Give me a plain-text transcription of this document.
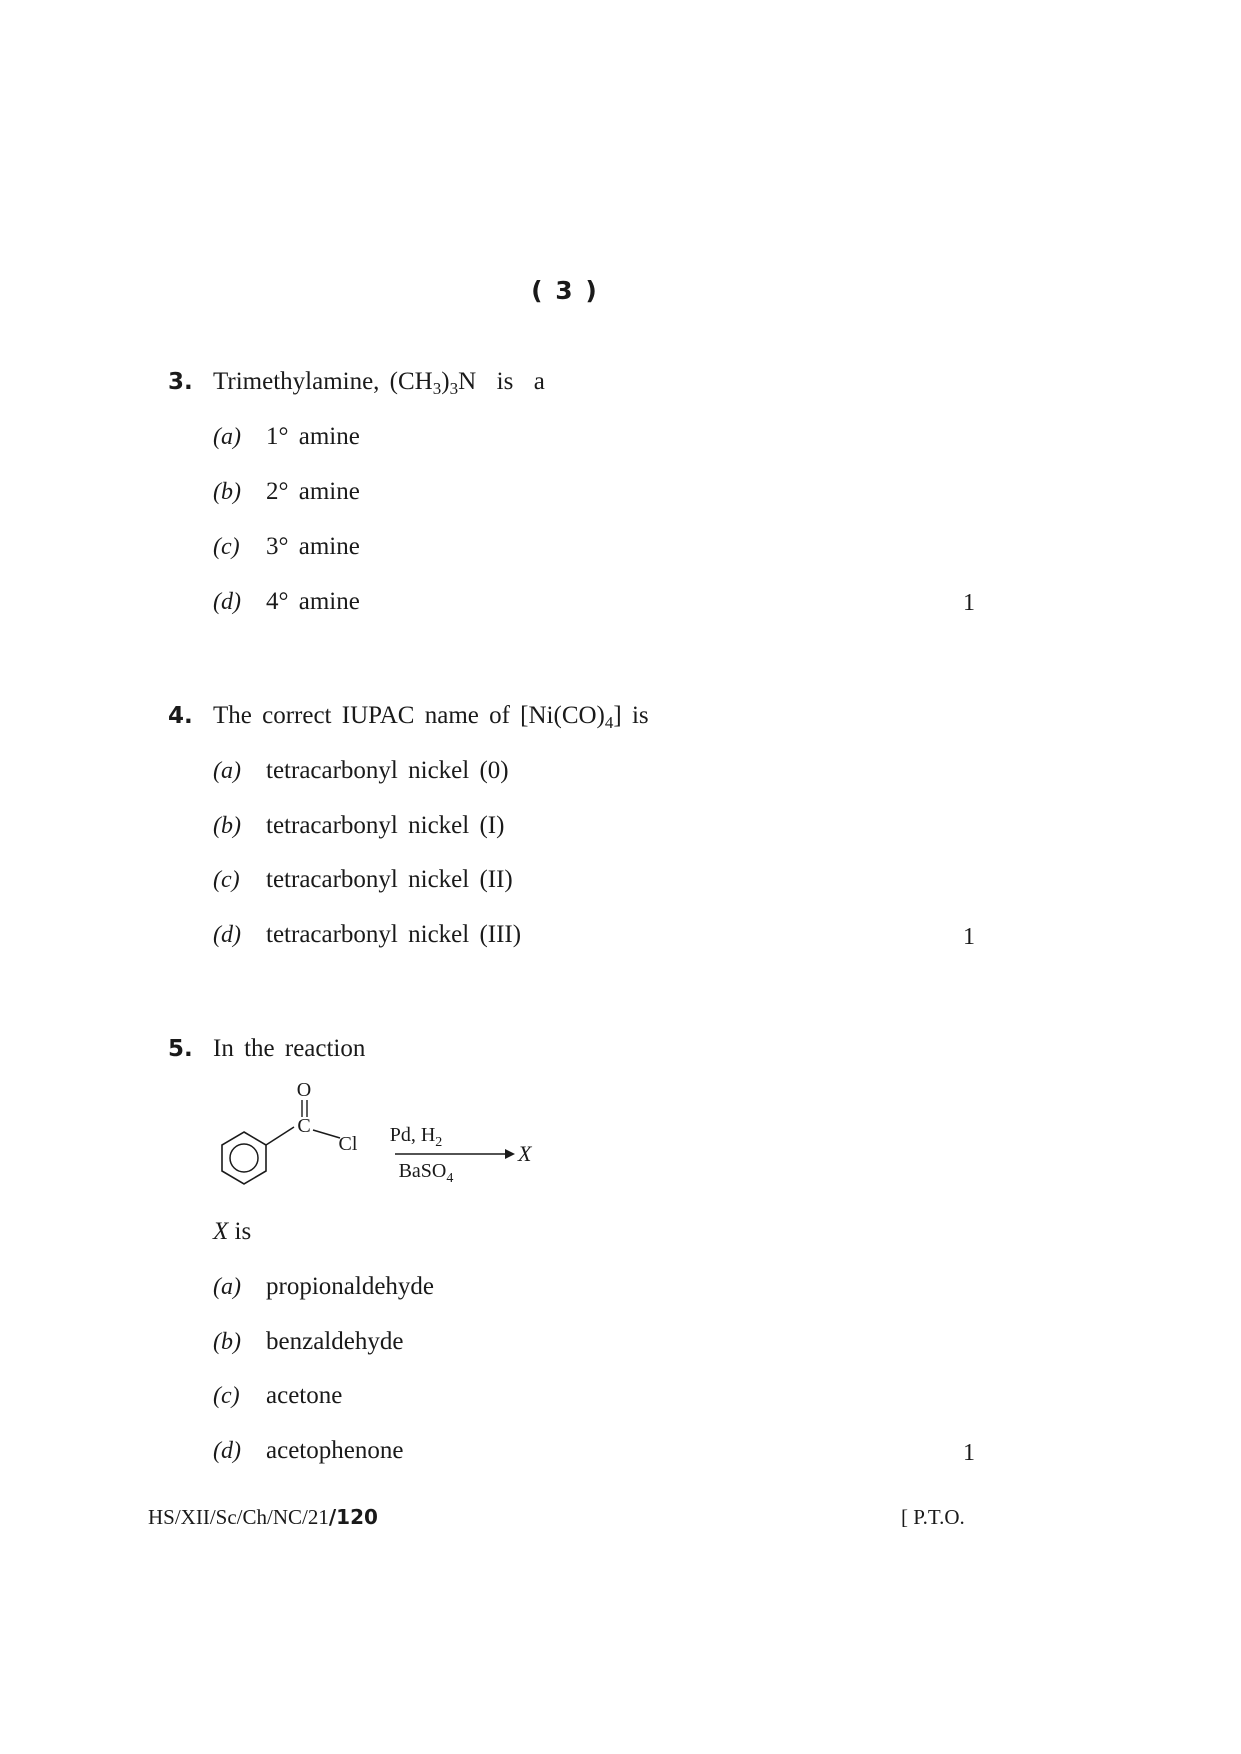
( 3 )
3. Trimethylamine, $(CH_3)_3N$  is  a
(a) 1° amine
(b) 2° amine
(c) 3° amine
(d) 4° amine	1
4. The correct IUPAC name of $[Ni(CO)_4]$ is
(a) tetracarbonyl nickel (0)
(b) tetracarbonyl nickel (I)
(c) tetracarbonyl nickel (II)
(d) tetracarbonyl nickel (III)	1
5. In the reaction
O
C
Cl Pd, $H_2$
BaSO$_4$
X
X is
(a) propionaldehyde
(b) benzaldehyde
(c) acetone
(d) acetophenone	1
HS/XII/Sc/Ch/NC/21/120	[ P.T.O.
